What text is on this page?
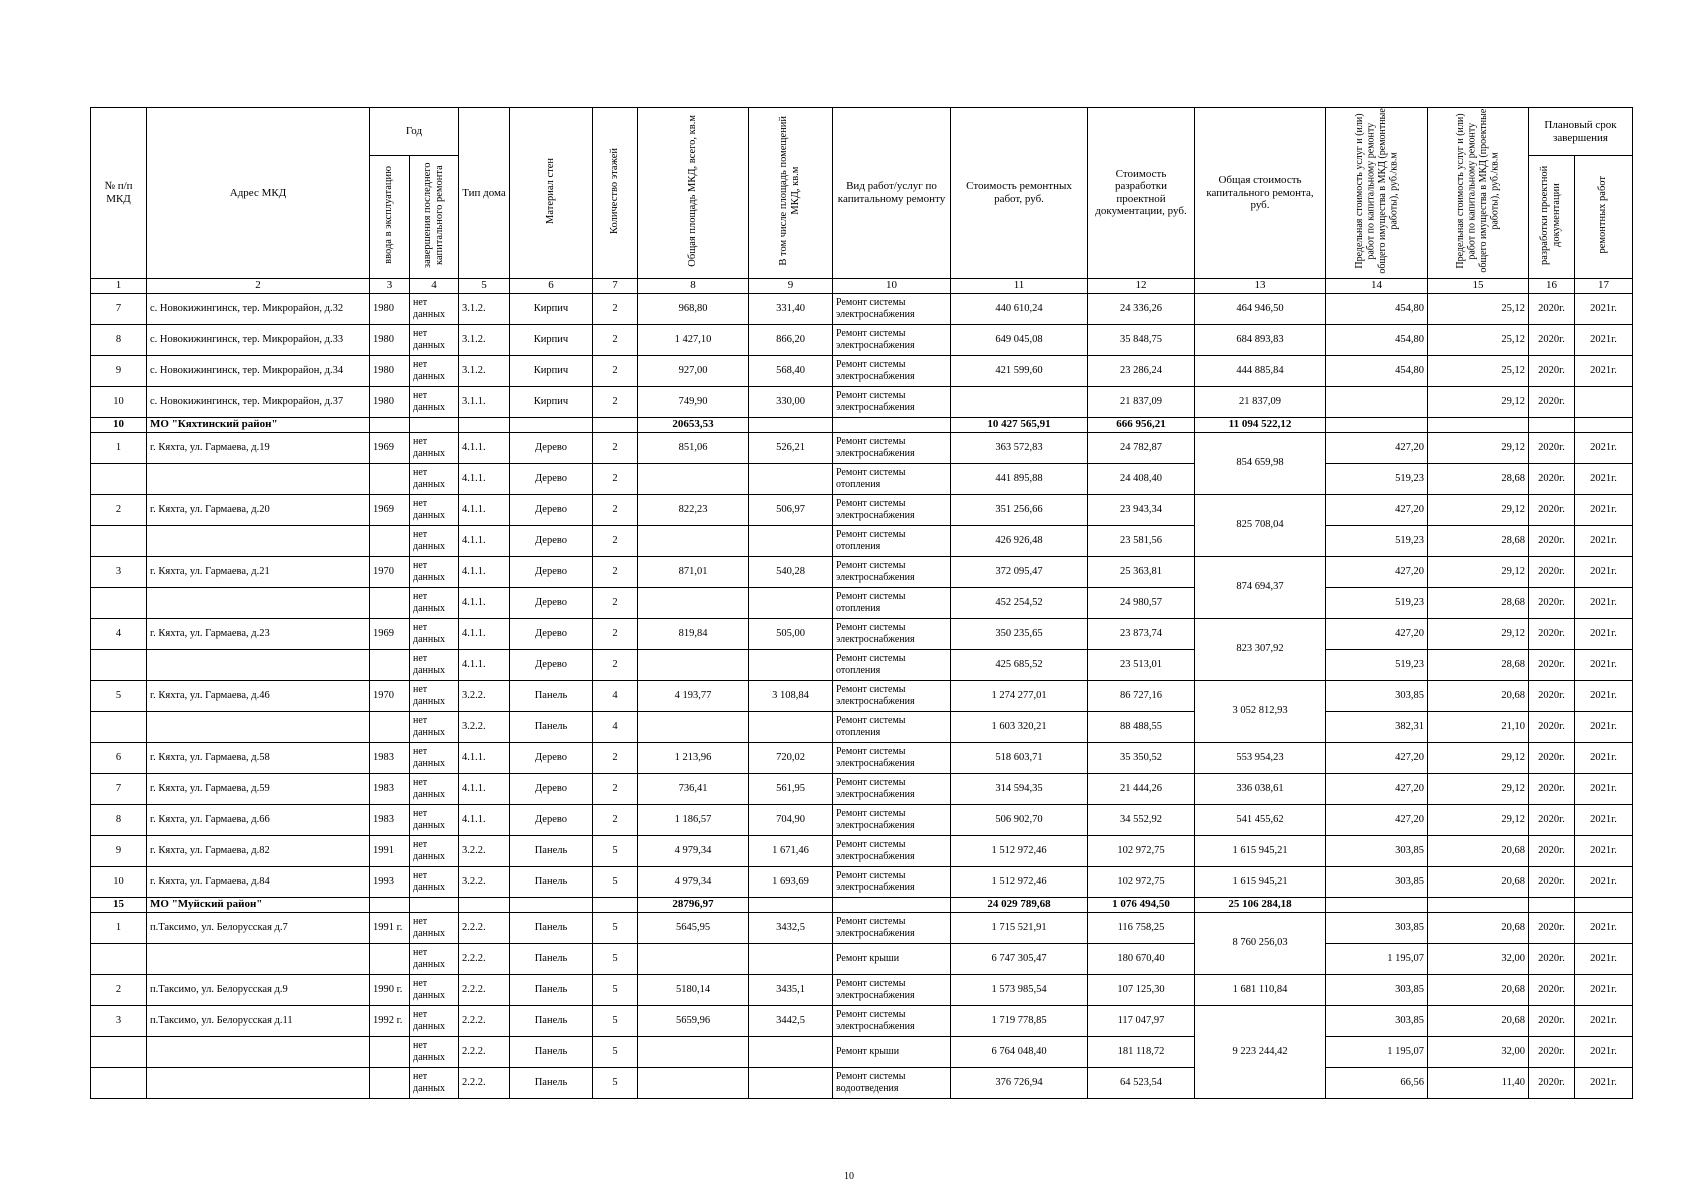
№ п/п МКД	Адрес МКД	Год		Тип дома	Материал стен	Количество этажей	Общая площадь МКД, всего, кв.м	В том числе площадь помещений МКД, кв.м	Вид работ/услуг по капитальному ремонту	Стоимость ремонтных работ, руб.	Стоимость разработки проектной документации, руб.	Общая стоимость капитального ремонта, руб.	Предельная стоимость услуг и (или) работ по капитальному ремонту общего имущества в МКД (ремонтные работы), руб./кв.м	Предельная стоимость услуг и (или) работ по капитальному ремонту общего имущества в МКД (проектные работы), руб./кв.м	Плановый срок завершения	
		ввода в эксплуатацию	завершения последнего капитального ремонта												разработки проектной документации	ремонтных работ
1	2	3	4	5	6	7	8	9	10	11	12	13	14	15	16	17
7	с. Новокижингинск, тер. Микрорайон, д.32	1980	нет данных	3.1.2.	Кирпич	2	968,80	331,40	Ремонт системы электроснабжения	440 610,24	24 336,26	464 946,50	454,80	25,12	2020г.	2021г.
8	с. Новокижингинск, тер. Микрорайон, д.33	1980	нет данных	3.1.2.	Кирпич	2	1 427,10	866,20	Ремонт системы электроснабжения	649 045,08	35 848,75	684 893,83	454,80	25,12	2020г.	2021г.
9	с. Новокижингинск, тер. Микрорайон, д.34	1980	нет данных	3.1.2.	Кирпич	2	927,00	568,40	Ремонт системы электроснабжения	421 599,60	23 286,24	444 885,84	454,80	25,12	2020г.	2021г.
10	с. Новокижингинск, тер. Микрорайон, д.37	1980	нет данных	3.1.1.	Кирпич	2	749,90	330,00	Ремонт системы электроснабжения		21 837,09	21 837,09		29,12	2020г.	
10	МО "Кяхтинский район"						20653,53			10 427 565,91	666 956,21	11 094 522,12				
1	г. Кяхта, ул. Гармаева, д.19	1969	нет данных	4.1.1.	Дерево	2	851,06	526,21	Ремонт системы электроснабжения	363 572,83	24 782,87	854 659,98	427,20	29,12	2020г.	2021г.
			нет данных	4.1.1.	Дерево	2			Ремонт системы отопления	441 895,88	24 408,40		519,23	28,68	2020г.	2021г.
2	г. Кяхта, ул. Гармаева, д.20	1969	нет данных	4.1.1.	Дерево	2	822,23	506,97	Ремонт системы электроснабжения	351 256,66	23 943,34	825 708,04	427,20	29,12	2020г.	2021г.
			нет данных	4.1.1.	Дерево	2			Ремонт системы отопления	426 926,48	23 581,56		519,23	28,68	2020г.	2021г.
3	г. Кяхта, ул. Гармаева, д.21	1970	нет данных	4.1.1.	Дерево	2	871,01	540,28	Ремонт системы электроснабжения	372 095,47	25 363,81	874 694,37	427,20	29,12	2020г.	2021г.
			нет данных	4.1.1.	Дерево	2			Ремонт системы отопления	452 254,52	24 980,57		519,23	28,68	2020г.	2021г.
4	г. Кяхта, ул. Гармаева, д.23	1969	нет данных	4.1.1.	Дерево	2	819,84	505,00	Ремонт системы электроснабжения	350 235,65	23 873,74	823 307,92	427,20	29,12	2020г.	2021г.
			нет данных	4.1.1.	Дерево	2			Ремонт системы отопления	425 685,52	23 513,01		519,23	28,68	2020г.	2021г.
5	г. Кяхта, ул. Гармаева, д.46	1970	нет данных	3.2.2.	Панель	4	4 193,77	3 108,84	Ремонт системы электроснабжения	1 274 277,01	86 727,16	3 052 812,93	303,85	20,68	2020г.	2021г.
			нет данных	3.2.2.	Панель	4			Ремонт системы отопления	1 603 320,21	88 488,55		382,31	21,10	2020г.	2021г.
6	г. Кяхта, ул. Гармаева, д.58	1983	нет данных	4.1.1.	Дерево	2	1 213,96	720,02	Ремонт системы электроснабжения	518 603,71	35 350,52	553 954,23	427,20	29,12	2020г.	2021г.
7	г. Кяхта, ул. Гармаева, д.59	1983	нет данных	4.1.1.	Дерево	2	736,41	561,95	Ремонт системы электроснабжения	314 594,35	21 444,26	336 038,61	427,20	29,12	2020г.	2021г.
8	г. Кяхта, ул. Гармаева, д.66	1983	нет данных	4.1.1.	Дерево	2	1 186,57	704,90	Ремонт системы электроснабжения	506 902,70	34 552,92	541 455,62	427,20	29,12	2020г.	2021г.
9	г. Кяхта, ул. Гармаева, д.82	1991	нет данных	3.2.2.	Панель	5	4 979,34	1 671,46	Ремонт системы электроснабжения	1 512 972,46	102 972,75	1 615 945,21	303,85	20,68	2020г.	2021г.
10	г. Кяхта, ул. Гармаева, д.84	1993	нет данных	3.2.2.	Панель	5	4 979,34	1 693,69	Ремонт системы электроснабжения	1 512 972,46	102 972,75	1 615 945,21	303,85	20,68	2020г.	2021г.
15	МО "Муйский район"						28796,97			24 029 789,68	1 076 494,50	25 106 284,18				
1	п.Таксимо, ул. Белорусская д.7	1991 г.	нет данных	2.2.2.	Панель	5	5645,95	3432,5	Ремонт системы электроснабжения	1 715 521,91	116 758,25	8 760 256,03	303,85	20,68	2020г.	2021г.
			нет данных	2.2.2.	Панель	5			Ремонт крыши	6 747 305,47	180 670,40		1 195,07	32,00	2020г.	2021г.
2	п.Таксимо, ул. Белорусская д.9	1990 г.	нет данных	2.2.2.	Панель	5	5180,14	3435,1	Ремонт системы электроснабжения	1 573 985,54	107 125,30	1 681 110,84	303,85	20,68	2020г.	2021г.
3	п.Таксимо, ул. Белорусская д.11	1992 г.	нет данных	2.2.2.	Панель	5	5659,96	3442,5	Ремонт системы электроснабжения	1 719 778,85	117 047,97	9 223 244,42	303,85	20,68	2020г.	2021г.
			нет данных	2.2.2.	Панель	5			Ремонт крыши	6 764 048,40	181 118,72		1 195,07	32,00	2020г.	2021г.
			нет данных	2.2.2.	Панель	5			Ремонт системы водоотведения	376 726,94	64 523,54		66,56	11,40	2020г.	2021г.
10
